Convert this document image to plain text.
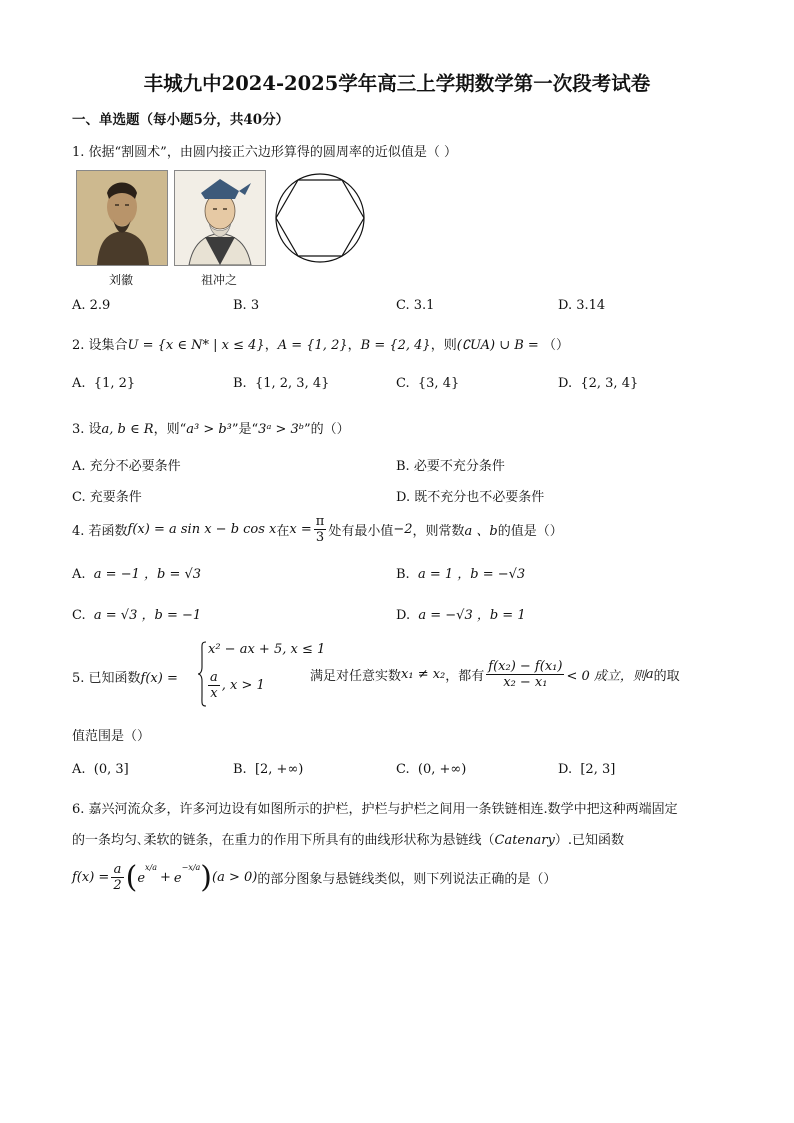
丰城九中2024-2025学年高三上学期数学第一次段考试卷
一、单选题（每小题5分，共40分）
1. 依据“割圆术”，由圆内接正六边形算得的圆周率的近似值是（ ）
刘徽	祖冲之
A. 2.9	B. 3	C. 3.1	D. 3.14
2. 设集合U = {x ∈ N* | x ≤ 4}，A = {1, 2}，B = {2, 4}，则(∁UA) ∪ B = （）
A. {1, 2}	B. {1, 2, 3, 4}	C. {3, 4}	D. {2, 3, 4}
3. 设a, b ∈ R，则“a³ > b³”是“3ᵃ > 3ᵇ”的（）
A. 充分不必要条件	B. 必要不充分条件
C. 充要条件	D. 既不充分也不必要条件
4. 若函数f(x) = a sin x − b cos x在$x = \frac{\pi}{3}$ 处有最小值−2，则常数a 、b的值是（）
A. a = −1 ，b = √3	B. a = 1 ，b = −√3
C. a = √3 ，b = −1	D. a = −√3 ，b = 1
5. 已知函数f(x) =
x² − ax + 5, x ≤ 1
$\frac{a}{x}$ , x > 1
满足对任意实数x₁ ≠ x₂，都有 $\frac{\text{f(x₂) − f(x₁)}}{\text{x₂ − x₁}} < 0$ 成立，则a的取
值范围是（）
A. (0, 3]	B. [2, +∞)	C. (0, +∞)	D. [2, 3]
6. 嘉兴河流众多，许多河边设有如图所示的护栏，护栏与护栏之间用一条铁链相连.数学中把这种两端固定
的一条均匀､柔软的链条，在重力的作用下所具有的曲线形状称为悬链线（Catenary）.已知函数
$f(x) = \frac{a}{2} (e^{x/a}+ e^{-x/a})(a > 0)$的部分图象与悬链线类似，则下列说法正确的是（）
